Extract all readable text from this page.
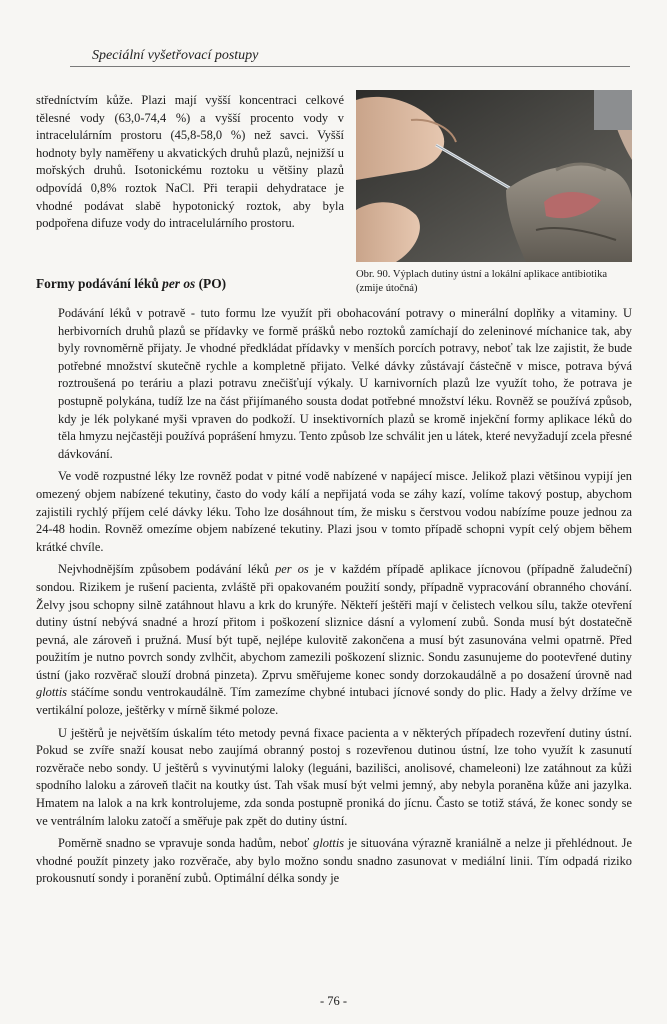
Speciální vyšetřovací postupy

středníctvím kůže. Plazi mají vyšší koncentraci celkové tělesné vody (63,0-74,4 %) a vyšší procento vody v intracelulárním prostoru (45,8-58,0 %) než savci. Vyšší hodnoty byly naměřeny u akvatických druhů plazů, nejnižší u mořských druhů. Isotonickému roztoku u většiny plazů odpovídá 0,8% roztok NaCl. Při terapii dehydratace je vhodné podávat slabě hypotonický roztok, aby byla podpořena difuze vody do intracelulárního prostoru.

Obr. 90. Výplach dutiny ústní a lokální aplikace antibiotika (zmije útočná)
Formy podávání léků per os (PO)

Podávání léků v potravě - tuto formu lze využít při obohacování potravy o minerální doplňky a vitaminy. U herbivorních druhů plazů se přídavky ve formě prášků nebo roztoků zamíchají do zeleninové míchanice tak, aby byly rovnoměrně přijaty. Je vhodné předkládat přídavky v menších porcích potravy, neboť tak lze zajistit, že bude potřebné množství skutečně rychle a kompletně přijato. Velké dávky zůstávají částečně v misce, potrava bývá roztroušená po teráriu a plazi potravu znečišťují výkaly. U karnivorních plazů lze využít toho, že potrava je postupně polykána, tudíž lze na část přijímaného sousta dodat potřebné množství léku. Rovněž se používá způsob, kdy je lék polykané myši vpraven do podkoží. U insektivorních plazů se kromě injekční formy aplikace léků do těla hmyzu nejčastěji používá poprášení hmyzu. Tento způsob lze schválit jen u látek, které nevyžadují zcela přesné dávkování.

Ve vodě rozpustné léky lze rovněž podat v pitné vodě nabízené v napájecí misce. Jelikož plazi většinou vypijí jen omezený objem nabízené tekutiny, často do vody kálí a nepřijatá voda se záhy kazí, volíme takový postup, abychom zajistili rychlý příjem celé dávky léku. Toho lze dosáhnout tím, že misku s čerstvou vodou nabízíme pouze jednou za 24-48 hodin. Rovněž omezíme objem nabízené tekutiny. Plazi jsou v tomto případě schopni vypít celý objem během krátké chvíle.

Nejvhodnějším způsobem podávání léků per os je v každém případě aplikace jícnovou (případně žaludeční) sondou. Rizikem je rušení pacienta, zvláště při opakovaném použití sondy, případně vypracování obranného chování. Želvy jsou schopny silně zatáhnout hlavu a krk do krunýře. Někteří ještěři mají v čelistech velkou sílu, takže otevření dutiny ústní nebývá snadné a hrozí přitom i poškození sliznice dásní a vylomení zubů. Sonda musí být dostatečně pevná, ale zároveň i pružná. Musí být tupě, nejlépe kulovitě zakončena a musí být zasunována velmi opatrně. Před použitím je nutno povrch sondy zvlhčit, abychom zamezili poškození sliznic. Sondu zasunujeme do pootevřené dutiny ústní (jako rozvěrač slouží drobná pinzeta). Zprvu směřujeme konec sondy dorzokaudálně a po dosažení úrovně nad glottis stáčíme sondu ventrokaudálně. Tím zamezíme chybné intubaci jícnové sondy do plic. Hady a želvy držíme ve vertikální poloze, ještěrky v mírně šikmé poloze.

U ještěrů je největším úskalím této metody pevná fixace pacienta a v některých případech rozevření dutiny ústní. Pokud se zvíře snaží kousat nebo zaujímá obranný postoj s rozevřenou dutinou ústní, lze toho využít k zasunutí rozvěrače nebo sondy. U ještěrů s vyvinutými laloky (leguáni, bazilišci, anolisové, chameleoni) lze zatáhnout za kůži spodního laloku a zároveň tlačit na koutky úst. Tah však musí být velmi jemný, aby nebyla poraněna kůže ani jazylka. Hmatem na lalok a na krk kontrolujeme, zda sonda postupně proniká do jícnu. Často se totiž stává, že konec sondy se ve ventrálním laloku zatočí a směřuje pak zpět do dutiny ústní.

Poměrně snadno se vpravuje sonda hadům, neboť glottis je situována výrazně kraniálně a nelze ji přehlédnout. Je vhodné použít pinzety jako rozvěrače, aby bylo možno sondu snadno zasunovat v mediální linii. Tím odpadá riziko prokousnutí sondy i poranění zubů. Optimální délka sondy je

- 76 -
